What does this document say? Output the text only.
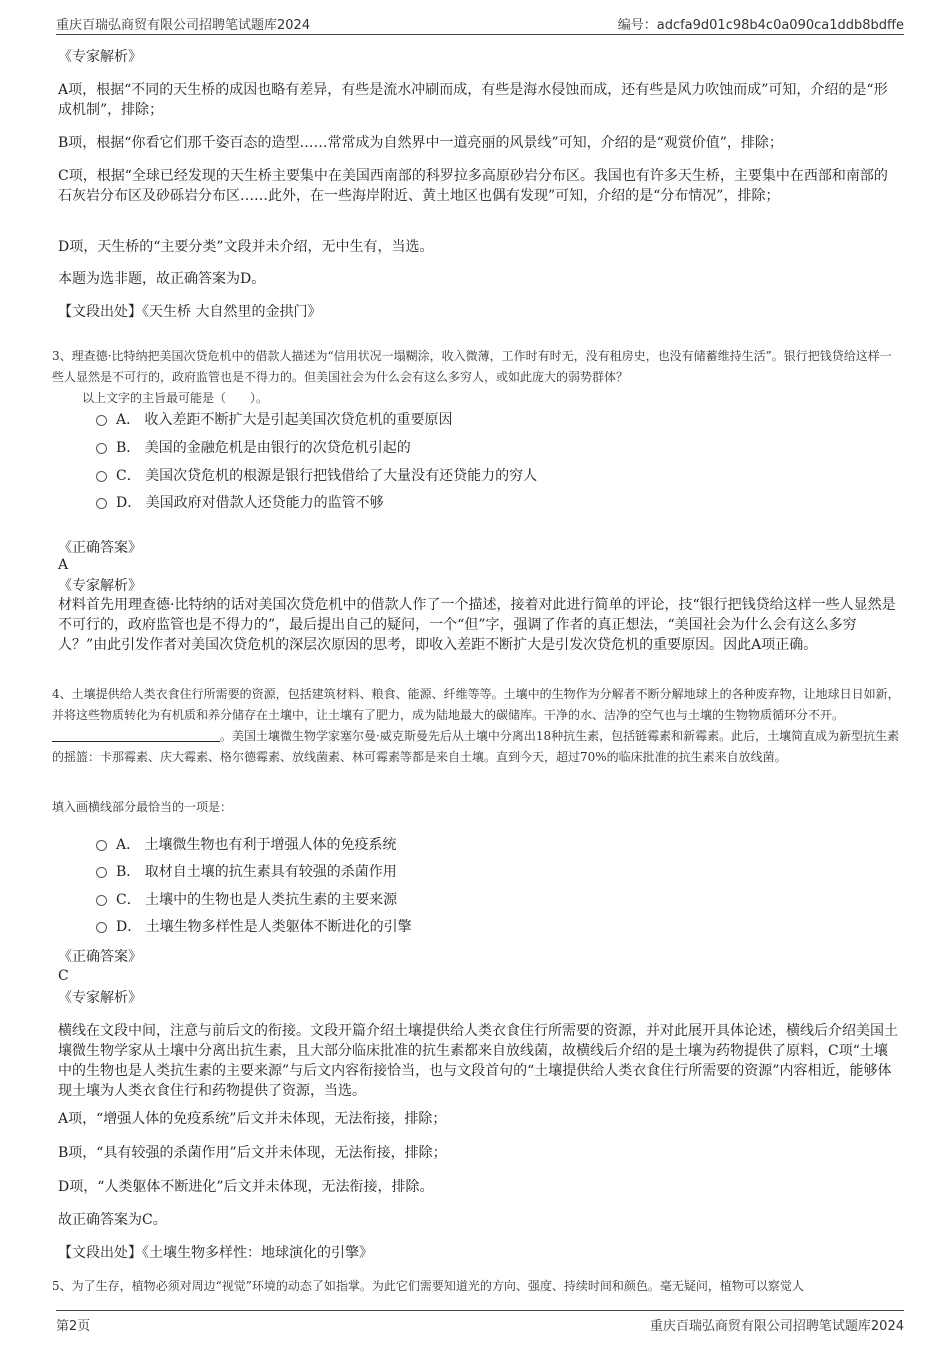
重庆百瑞弘商贸有限公司招聘笔试题库2024	编号：adcfa9d01c98b4c0a090ca1ddb8bdffe
《专家解析》
A项，根据“不同的天生桥的成因也略有差异，有些是流水冲刷而成，有些是海水侵蚀而成，还有些是风力吹蚀而成”可知，介绍的是“形成机制”，排除；
B项，根据“你看它们那千姿百态的造型……常常成为自然界中一道亮丽的风景线”可知，介绍的是“观赏价值”，排除；
C项，根据“全球已经发现的天生桥主要集中在美国西南部的科罗拉多高原砂岩分布区。我国也有许多天生桥，主要集中在西部和南部的石灰岩分布区及砂砾岩分布区……此外，在一些海岸附近、黄土地区也偶有发现”可知，介绍的是“分布情况”，排除；
D项，天生桥的“主要分类”文段并未介绍，无中生有，当选。
本题为选非题，故正确答案为D。
【文段出处】《天生桥 大自然里的金拱门》
3、理查德·比特纳把美国次贷危机中的借款人描述为“信用状况一塌糊涂，收入微薄，工作时有时无，没有租房史，也没有储蓄维持生活”。银行把钱贷给这样一些人显然是不可行的，政府监管也是不得力的。但美国社会为什么会有这么多穷人，或如此庞大的弱势群体？
以上文字的主旨最可能是（　　）。
A． 收入差距不断扩大是引起美国次贷危机的重要原因
B． 美国的金融危机是由银行的次贷危机引起的
C． 美国次贷危机的根源是银行把钱借给了大量没有还贷能力的穷人
D． 美国政府对借款人还贷能力的监管不够
《正确答案》
A
《专家解析》
材料首先用理查德·比特纳的话对美国次贷危机中的借款人作了一个描述，接着对此进行简单的评论，技“银行把钱贷给这样一些人显然是不可行的，政府监管也是不得力的”，最后提出自己的疑问，一个“但”字，强调了作者的真正想法，“美国社会为什么会有这么多穷人？”由此引发作者对美国次贷危机的深层次原因的思考，即收入差距不断扩大是引发次贷危机的重要原因。因此A项正确。
4、土壤提供给人类衣食住行所需要的资源，包括建筑材料、粮食、能源、纤维等等。土壤中的生物作为分解者不断分解地球上的各种废弃物，让地球日日如新，并将这些物质转化为有机质和养分储存在土壤中，让土壤有了肥力，成为陆地最大的碳储库。干净的水、洁净的空气也与土壤的生物物质循环分不开。。美国土壤微生物学家塞尔曼·威克斯曼先后从土壤中分离出18种抗生素，包括链霉素和新霉素。此后，土壤简直成为新型抗生素的摇篮：卡那霉素、庆大霉素、格尔德霉素、放线菌素、林可霉素等都是来自土壤。直到今天，超过70%的临床批准的抗生素来自放线菌。
填入画横线部分最恰当的一项是：
A． 土壤微生物也有利于增强人体的免疫系统
B． 取材自土壤的抗生素具有较强的杀菌作用
C． 土壤中的生物也是人类抗生素的主要来源
D． 土壤生物多样性是人类躯体不断进化的引擎
《正确答案》
C
《专家解析》
横线在文段中间，注意与前后文的衔接。文段开篇介绍土壤提供给人类衣食住行所需要的资源，并对此展开具体论述，横线后介绍美国土壤微生物学家从土壤中分离出抗生素，且大部分临床批准的抗生素都来自放线菌，故横线后介绍的是土壤为药物提供了原料，C项“土壤中的生物也是人类抗生素的主要来源”与后文内容衔接恰当，也与文段首句的“土壤提供给人类衣食住行所需要的资源”内容相近，能够体现土壤为人类衣食住行和药物提供了资源，当选。
A项，“增强人体的免疫系统”后文并未体现，无法衔接，排除；
B项，“具有较强的杀菌作用”后文并未体现，无法衔接，排除；
D项，“人类躯体不断进化”后文并未体现，无法衔接，排除。
故正确答案为C。
【文段出处】《土壤生物多样性：地球演化的引擎》
5、为了生存，植物必须对周边“视觉”环境的动态了如指掌。为此它们需要知道光的方向、强度、持续时间和颜色。毫无疑问，植物可以察觉人
第2页	重庆百瑞弘商贸有限公司招聘笔试题库2024
